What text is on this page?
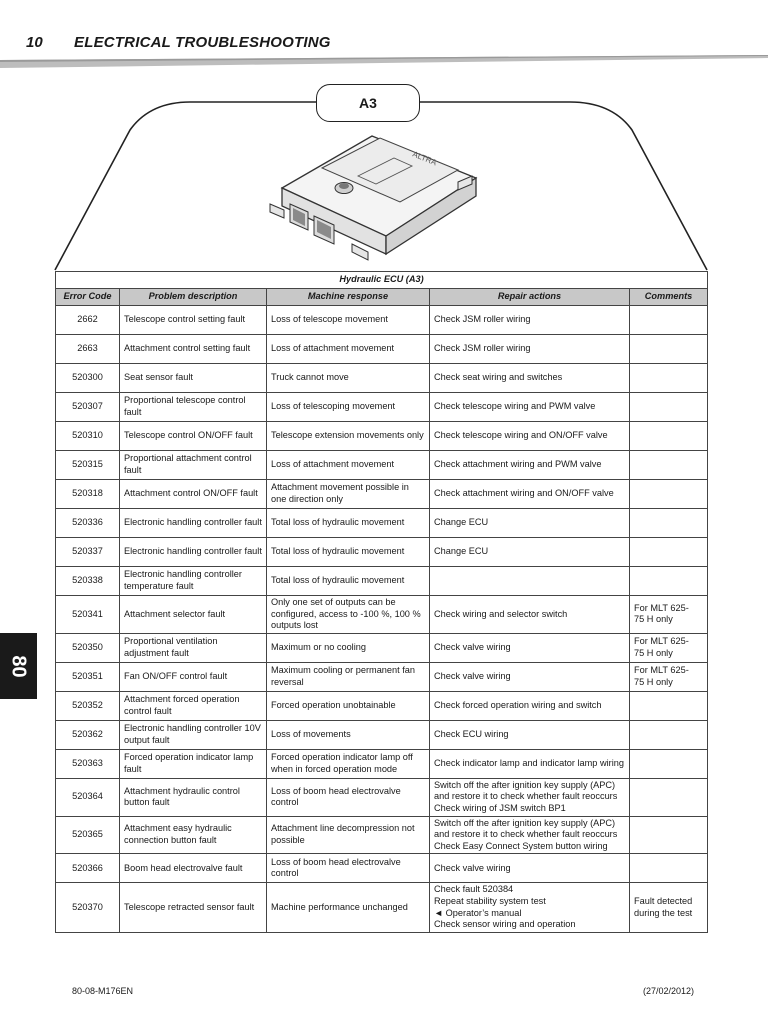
10 ELECTRICAL TROUBLESHOOTING
A3
ALTRA
Hydraulic ECU (A3)				
Error Code	Problem description	Machine response	Repair actions	Comments
2662	Telescope control setting fault	Loss of telescope movement	Check JSM roller wiring	
2663	Attachment control setting fault	Loss of attachment movement	Check JSM roller wiring	
520300	Seat sensor fault	Truck cannot move	Check seat wiring and switches	
520307	Proportional telescope control fault	Loss of telescoping movement	Check telescope wiring and PWM valve	
520310	Telescope control ON/OFF fault	Telescope extension movements only	Check telescope wiring and ON/OFF valve	
520315	Proportional attachment control fault	Loss of attachment movement	Check attachment wiring and PWM valve	
520318	Attachment control ON/OFF fault	Attachment movement possible in one direction only	Check attachment wiring and ON/OFF valve	
520336	Electronic handling controller fault	Total loss of hydraulic movement	Change ECU	
520337	Electronic handling controller fault	Total loss of hydraulic movement	Change ECU	
520338	Electronic handling controller temperature fault	Total loss of hydraulic movement		
520341	Attachment selector fault	Only one set of outputs can be configured, access to -100 %, 100 % outputs lost	Check wiring and selector switch	For MLT 625-
75 H only
520350	Proportional ventilation adjustment fault	Maximum or no cooling	Check valve wiring	For MLT 625-
75 H only
520351	Fan ON/OFF control fault	Maximum cooling or permanent fan reversal	Check valve wiring	For MLT 625-
75 H only
520352	Attachment forced operation control fault	Forced operation unobtainable	Check forced operation wiring and switch	
520362	Electronic handling controller 10V output fault	Loss of movements	Check ECU wiring	
520363	Forced operation indicator lamp fault	Forced operation indicator lamp off when in forced operation mode	Check indicator lamp and indicator lamp wiring	
520364	Attachment hydraulic control button fault	Loss of boom head electrovalve control	Switch off the after ignition key supply (APC) and restore it to check whether fault reoccurs
Check wiring of JSM switch BP1	
520365	Attachment easy hydraulic connection button fault	Attachment line decompression not possible	Switch off the after ignition key supply (APC) and restore it to check whether fault reoccurs
Check Easy Connect System button wiring	
520366	Boom head electrovalve fault	Loss of boom head electrovalve control	Check valve wiring	
520370	Telescope retracted sensor fault	Machine performance unchanged	Check fault 520384
Repeat stability system test
◄ Operator’s manual
Check sensor wiring and operation	Fault detected during the test
80
80-08-M176EN	(27/02/2012)
